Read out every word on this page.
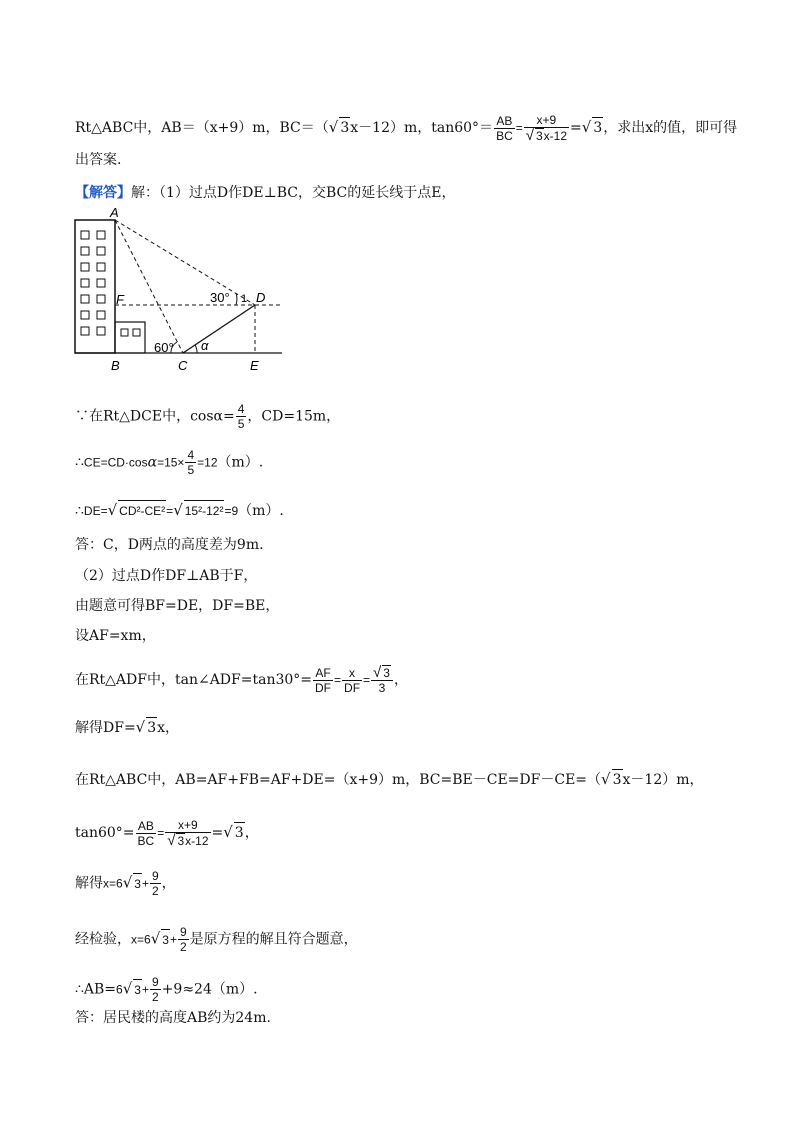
Rt△ABC中，AB＝（x+9）m，BC＝（√ 3x－12）m，$\tan 60^\circ= \frac{AB}{BC} = \frac{x+9}{√ 3x-12}$ =√ 3，求出x的值，即可得
出答案.
【解答】解：（1）过点D作DE⊥BC，交BC的延长线于点E，
A
F	D
B	C	E
30° 1
60° α
∵在Rt△DCE中，$\cos\alpha= \frac{4}{5}$ ，CD=15m，
∴CE=CD·cosα=15× $\frac{4}{5} =12(m)$.
∴DE=√ CD²-CE²=√ 15²-12²=9（m）.
答：C，D两点的高度差为9m.
（2）过点D作DF⊥AB于F，
由题意可得BF=DE，DF=BE，
设AF=xm，
在Rt△ADF中，tan∠ADF=tan30°= $\frac{AF}{DF} = \frac{x}{DF} = \frac{√ 3}{3}$ ，
解得DF=√ 3x，
在Rt△ABC中，AB=AF+FB=AF+DE=（x+9）m，BC=BE－CE=DF－CE=（√ 3x－12）m，
$\tan 60^\circ= \frac{AB}{BC} = \frac{x+9}{√ 3x-12}$ =√ 3，
解得x=6√ $3+ \frac{9}{2}$ ，
经检验，x=6√ $3+ \frac{9}{2}$ 是原方程的解且符合题意，
∴AB=6√ $3+ \frac{9}{2} +9\approx 24(m)$.
答：居民楼的高度AB约为24m.
